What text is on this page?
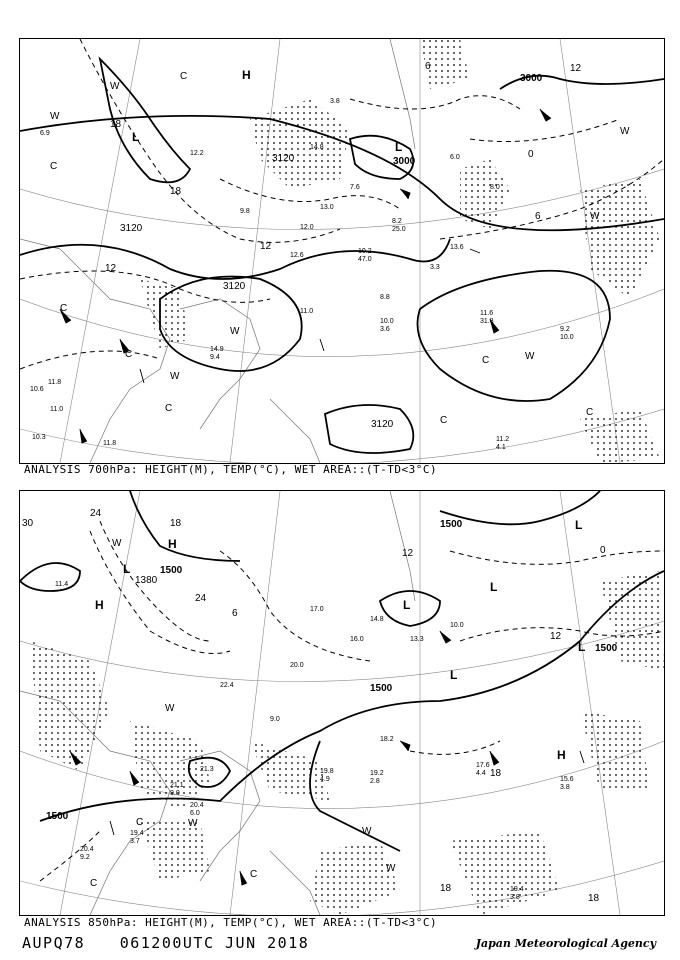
L
L
H
W
W
W
W
W
W
W
C
C
C
C
C
C
C
C
3120
3120
3120
3120
3000
3000
18
18
12
12
12
6
0
6
11.6
31.8
9.2
10.0
11.2
4.1
10.6
11.8
11.0
10.3
8.2
25.0
10.2
47.0
12.0
13.0
14.9
9.4
8.8
10.0
3.6
11.8
6.9
13.6
8.0
6.0
11.0
12.6
9.8
14.8
3.8
7.6
12.2
3.3
ANALYSIS 700hPa: HEIGHT(M), TEMP(°C), WET AREA::(T-TD<3°C)
L
L
L
L
L
L
H
H
H
W
W
W
W
W
C
C
C
1500
1500
1500
1500
1500
1380
30
24
24
18
18
18
18
12
12
6
0
17.6
4.4
19.4
3.8
15.6
3.8
20.4
6.0
19.4
3.7
21.1
9.0
21.3
20.4
9.2
19.8
4.9
19.2
2.8
18.2
22.4
11.4
20.0
17.0
16.0
14.8
13.3
9.0
10.0
ANALYSIS 850hPa: HEIGHT(M), TEMP(°C), WET AREA::(T-TD<3°C)
AUPQ78 061200UTC JUN 2018	Japan Meteorological Agency
